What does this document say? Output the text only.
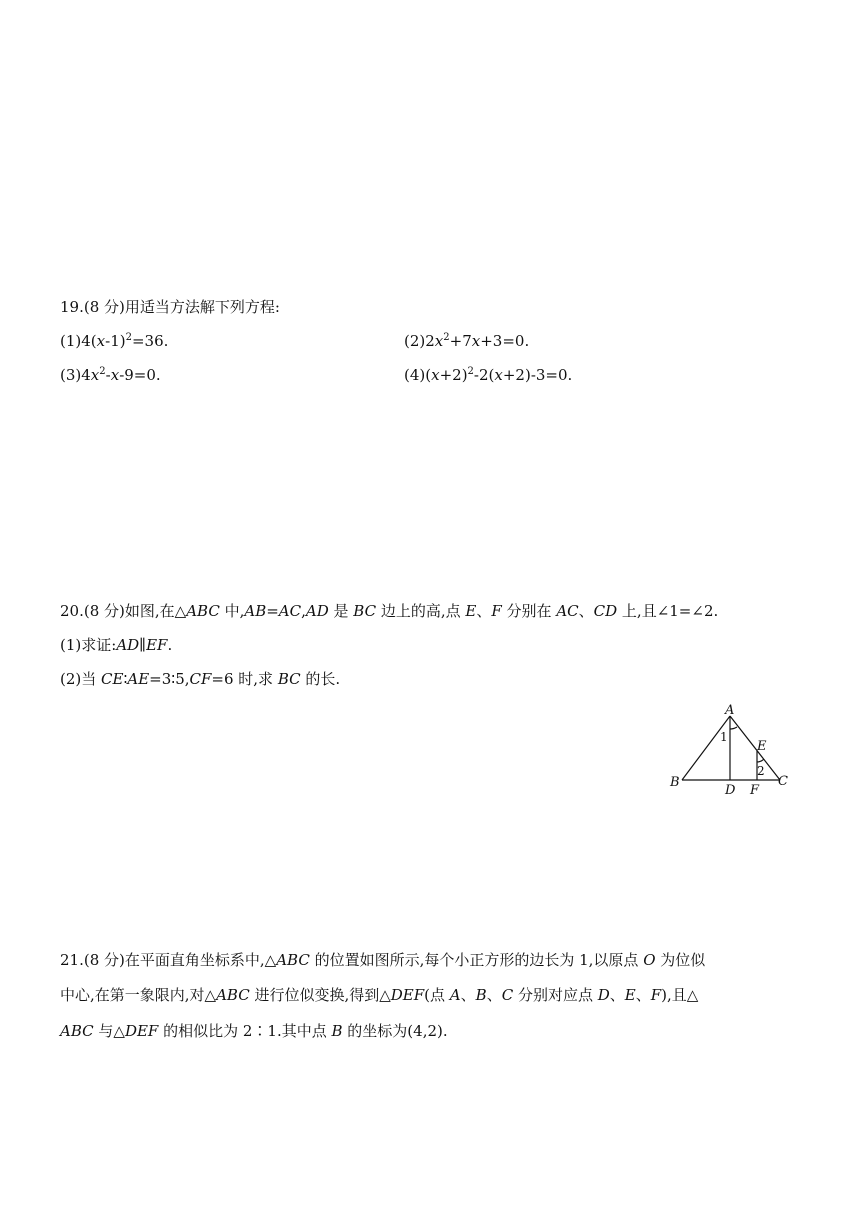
19.(8 分)用适当方法解下列方程:
$(1)4(x-1)^2=36$.	$(2)2x^2+7x+3=0$.
$(3)4x^2-x-9=0$.	$(4)(x+2)^2-2(x+2)-3=0$.
20.(8 分)如图,在△ABC 中,AB=AC,AD 是 BC 边上的高,点 E、F 分别在 AC、CD 上,且∠1=∠2.
(1)求证:AD∥EF.
(2)当 CE∶AE=3∶5,CF=6 时,求 BC 的长.
A
B	C
D
E
F
1
2
21.(8 分)在平面直角坐标系中,△ABC 的位置如图所示,每个小正方形的边长为 1,以原点 O 为位似
中心,在第一象限内,对△ABC 进行位似变换,得到△DEF(点 A、B、C 分别对应点 D、E、F),且△
ABC 与△DEF 的相似比为 2∶1.其中点 B 的坐标为(4,2).
